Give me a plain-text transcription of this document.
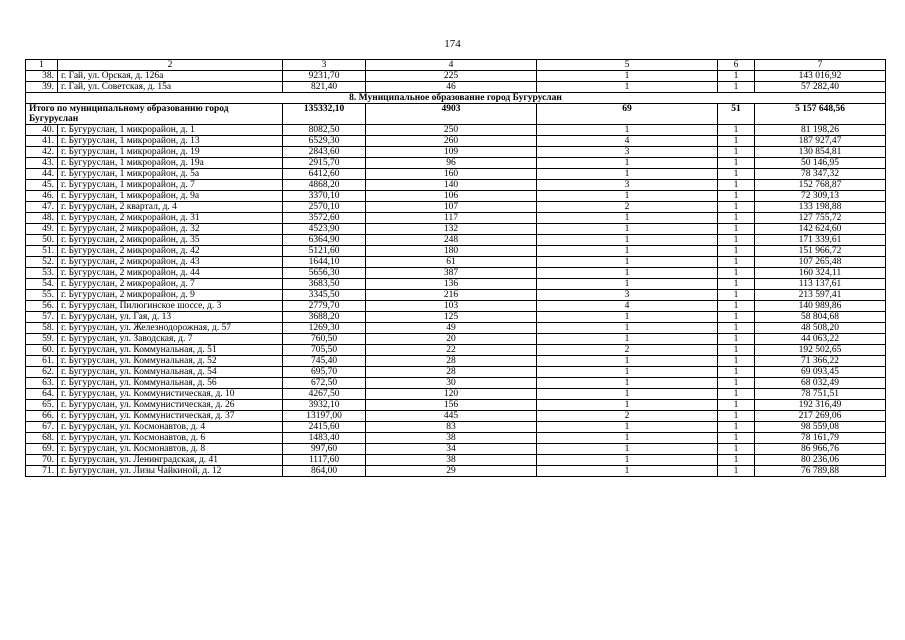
174
1	2	3	4	5	6	7
38.	г. Гай, ул. Орская, д. 126а	9231,70	225	1	1	143 016,92
39.	г. Гай, ул. Советская, д. 15а	821,40	46	1	1	57 282,40
8. Муниципальное образование город Бугуруслан						
Итого по муниципальному образованию город Бугуруслан		135332,10	4903	69	51	5 157 648,56
40.	г. Бугуруслан, 1 микрорайон, д. 1	8082,50	250	1	1	81 198,26
41.	г. Бугуруслан, 1 микрорайон, д. 13	6529,30	260	4	1	187 927,47
42.	г. Бугуруслан, 1 микрорайон, д. 19	2843,60	109	3	1	130 854,81
43.	г. Бугуруслан, 1 микрорайон, д. 19а	2915,70	96	1	1	50 146,95
44.	г. Бугуруслан, 1 микрорайон, д. 5а	6412,60	160	1	1	78 347,32
45.	г. Бугуруслан, 1 микрорайон, д. 7	4868,20	140	3	1	152 768,87
46.	г. Бугуруслан, 1 микрорайон, д. 9а	3370,10	106	1	1	72 309,13
47.	г. Бугуруслан, 2 квартал, д. 4	2570,10	107	2	1	133 198,88
48.	г. Бугуруслан, 2 микрорайон, д. 31	3572,60	117	1	1	127 755,72
49.	г. Бугуруслан, 2 микрорайон, д. 32	4523,90	132	1	1	142 624,60
50.	г. Бугуруслан, 2 микрорайон, д. 35	6364,90	248	1	1	171 339,61
51.	г. Бугуруслан, 2 микрорайон, д. 42	5121,60	180	1	1	151 966,72
52.	г. Бугуруслан, 2 микрорайон, д. 43	1644,10	61	1	1	107 265,48
53.	г. Бугуруслан, 2 микрорайон, д. 44	5656,30	387	1	1	160 324,11
54.	г. Бугуруслан, 2 микрорайон, д. 7	3683,50	136	1	1	113 137,61
55.	г. Бугуруслан, 2 микрорайон, д. 9	3345,50	216	3	1	213 597,41
56.	г. Бугуруслан, Пилюгинское шоссе, д. 3	2779,70	103	4	1	140 989,86
57.	г. Бугуруслан, ул. Гая, д. 13	3688,20	125	1	1	58 804,68
58.	г. Бугуруслан, ул. Железнодорожная, д. 57	1269,30	49	1	1	48 508,20
59.	г. Бугуруслан, ул. Заводская, д. 7	760,50	20	1	1	44 063,22
60.	г. Бугуруслан, ул. Коммунальная, д. 51	705,50	22	2	1	192 502,65
61.	г. Бугуруслан, ул. Коммунальная, д. 52	745,40	28	1	1	71 366,22
62.	г. Бугуруслан, ул. Коммунальная, д. 54	695,70	28	1	1	69 093,45
63.	г. Бугуруслан, ул. Коммунальная, д. 56	672,50	30	1	1	68 032,49
64.	г. Бугуруслан, ул. Коммунистическая, д. 10	4267,50	120	1	1	78 751,51
65.	г. Бугуруслан, ул. Коммунистическая, д. 26	3932,10	156	1	1	192 316,49
66.	г. Бугуруслан, ул. Коммунистическая, д. 37	13197,00	445	2	1	217 269,06
67.	г. Бугуруслан, ул. Космонавтов, д. 4	2415,60	83	1	1	98 559,08
68.	г. Бугуруслан, ул. Космонавтов, д. 6	1483,40	38	1	1	78 161,79
69.	г. Бугуруслан, ул. Космонавтов, д. 8	997,60	34	1	1	86 966,76
70.	г. Бугуруслан, ул. Ленинградская, д. 41	1117,60	38	1	1	80 236,06
71.	г. Бугуруслан, ул. Лизы Чайкиной, д. 12	864,00	29	1	1	76 789,88
